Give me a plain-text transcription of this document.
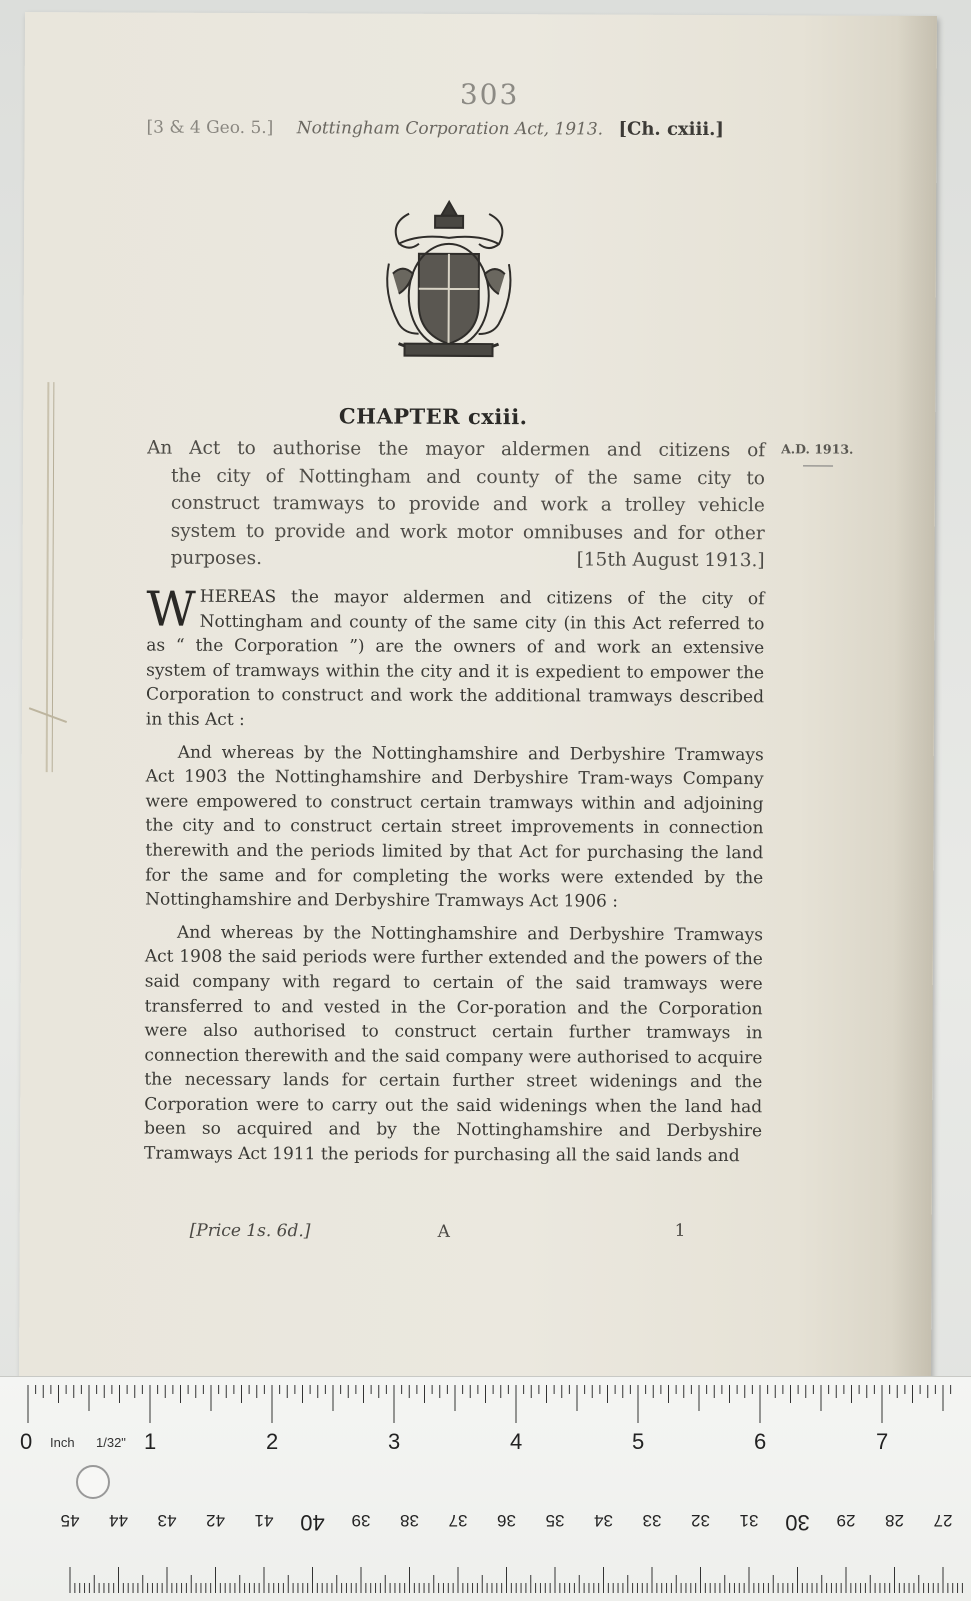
303
[3 & 4 Geo. 5.] Nottingham Corporation Act, 1913. [Ch. cxiii.]
CHAPTER cxiii.

An Act to authorise the mayor aldermen and citizens of

the city of Nottingham and county of the same city to construct tramways to provide and work a trolley vehicle system to provide and work motor omnibuses and for other purposes.	[15th August 1913.]

A.D. 1913.

W HEREAS the mayor aldermen and citizens of the city of Nottingham and county of the same city (in this Act referred to as “ the Corporation ”) are the owners of and work an extensive system of tramways within the city and it is expedient to empower the Corporation to construct and work the additional tramways described in this Act :

And whereas by the Nottinghamshire and Derbyshire Tramways Act 1903 the Nottinghamshire and Derbyshire Tram-ways Company were empowered to construct certain tramways within and adjoining the city and to construct certain street improvements in connection therewith and the periods limited by that Act for purchasing the land for the same and for completing the works were extended by the Nottinghamshire and Derbyshire Tramways Act 1906 :

And whereas by the Nottinghamshire and Derbyshire Tramways Act 1908 the said periods were further extended and the powers of the said company with regard to certain of the said tramways were transferred to and vested in the Cor-poration and the Corporation were also authorised to construct certain further tramways in connection therewith and the said company were authorised to acquire the necessary lands for certain further street widenings and the Corporation were to carry out the said widenings when the land had been so acquired and by the Nottinghamshire and Derbyshire Tramways Act 1911 the periods for purchasing all the said lands and

[Price 1s. 6d.]	A	1
1	2	3	4	5	6	7
0
45 44 43 42 41 40 39 38 37 36 35 34 33 32 31 30 29 28 27
Inch 1/32"
